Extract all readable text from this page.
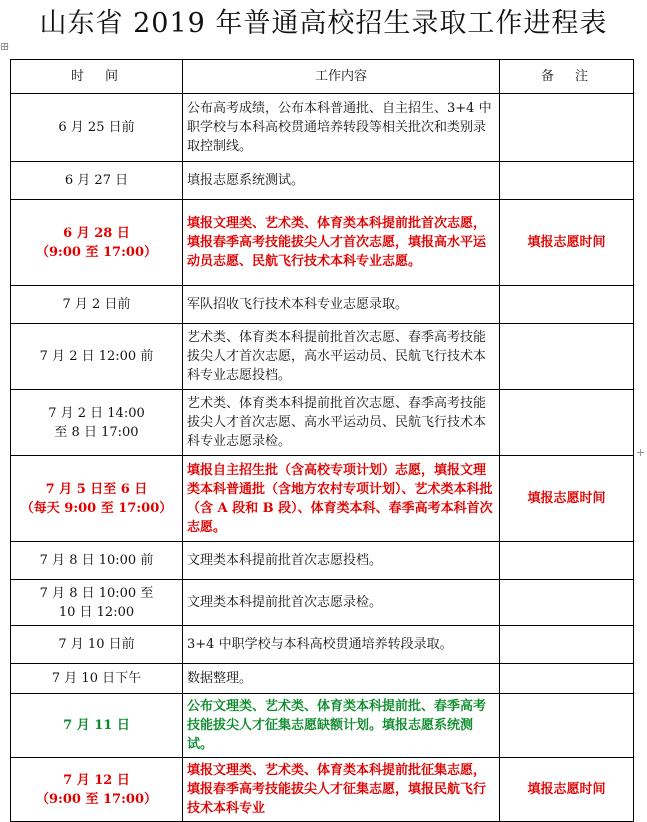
山东省 2019 年普通高校招生录取工作进程表
⊞
+
时　间	工作内容	备　注
6 月 25 日前	公布高考成绩，公布本科普通批、自主招生、3+4 中职学校与本科高校贯通培养转段等相关批次和类别录取控制线。	
6 月 27 日	填报志愿系统测试。	
6 月 28 日
（9:00 至 17:00）	填报文理类、艺术类、体育类本科提前批首次志愿，填报春季高考技能拔尖人才首次志愿，填报高水平运动员志愿、民航飞行技术本科专业志愿。	填报志愿时间
7 月 2 日前	军队招收飞行技术本科专业志愿录取。	
7 月 2 日 12:00 前	艺术类、体育类本科提前批首次志愿、春季高考技能拔尖人才首次志愿，高水平运动员、民航飞行技术本科专业志愿投档。	
7 月 2 日 14:00
至 8 日 17:00	艺术类、体育类本科提前批首次志愿、春季高考技能拔尖人才首次志愿、高水平运动员、民航飞行技术本科专业志愿录检。	
7 月 5 日至 6 日
（每天 9:00 至 17:00）	填报自主招生批（含高校专项计划）志愿，填报文理类本科普通批（含地方农村专项计划）、艺术类本科批（含 A 段和 B 段）、体育类本科、春季高考本科首次志愿。	填报志愿时间
7 月 8 日 10:00 前	文理类本科提前批首次志愿投档。	
7 月 8 日 10:00 至
10 日 12:00	文理类本科提前批首次志愿录检。	
7 月 10 日前	3+4 中职学校与本科高校贯通培养转段录取。	
7 月 10 日下午	数据整理。	
7 月 11 日	公布文理类、艺术类、体育类本科提前批、春季高考技能拔尖人才征集志愿缺额计划。填报志愿系统测试。	
7 月 12 日
（9:00 至 17:00）	填报文理类、艺术类、体育类本科提前批征集志愿，填报春季高考技能拔尖人才征集志愿，填报民航飞行技术本科专业	填报志愿时间
